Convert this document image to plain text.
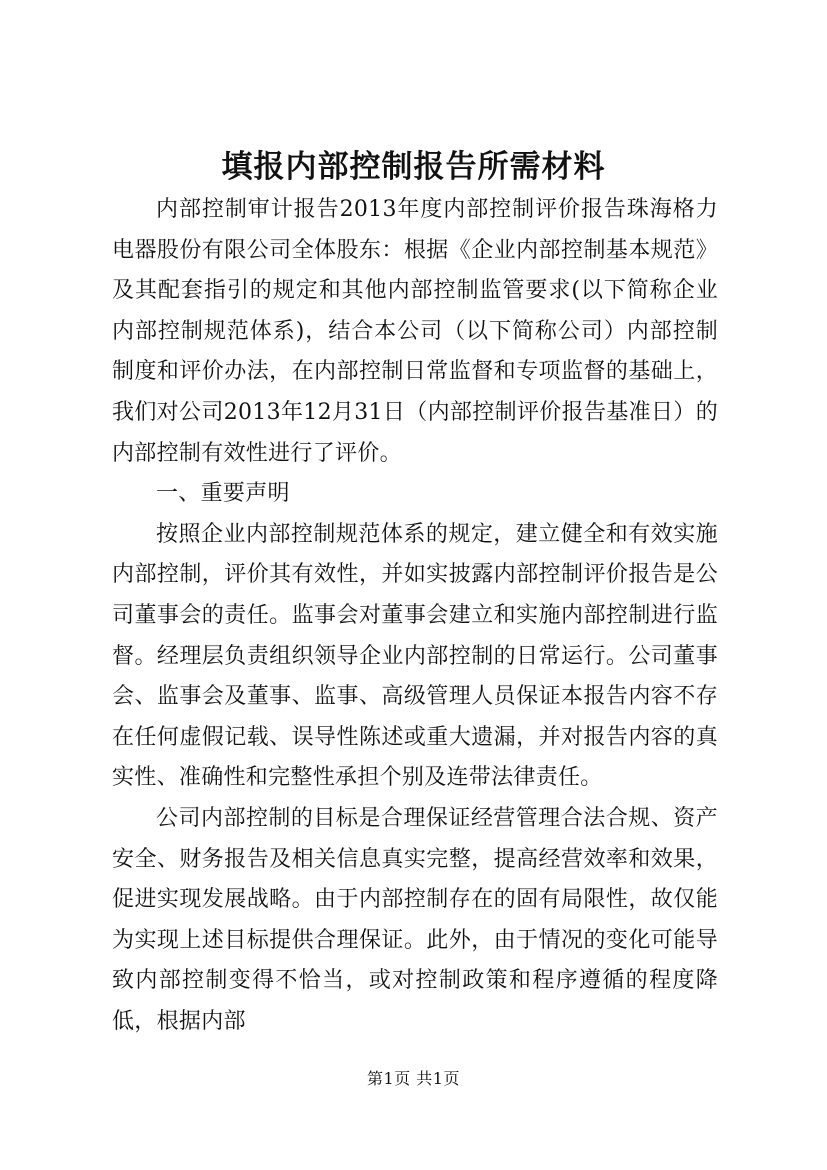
填报内部控制报告所需材料

内部控制审计报告2013年度内部控制评价报告珠海格力电器股份有限公司全体股东：根据《企业内部控制基本规范》及其配套指引的规定和其他内部控制监管要求(以下简称企业内部控制规范体系)，结合本公司（以下简称公司）内部控制制度和评价办法，在内部控制日常监督和专项监督的基础上，我们对公司2013年12月31日（内部控制评价报告基准日）的内部控制有效性进行了评价。

一、重要声明

按照企业内部控制规范体系的规定，建立健全和有效实施内部控制，评价其有效性，并如实披露内部控制评价报告是公司董事会的责任。监事会对董事会建立和实施内部控制进行监督。经理层负责组织领导企业内部控制的日常运行。公司董事会、监事会及董事、监事、高级管理人员保证本报告内容不存在任何虚假记载、误导性陈述或重大遗漏，并对报告内容的真实性、准确性和完整性承担个别及连带法律责任。

公司内部控制的目标是合理保证经营管理合法合规、资产安全、财务报告及相关信息真实完整，提高经营效率和效果，促进实现发展战略。由于内部控制存在的固有局限性，故仅能为实现上述目标提供合理保证。此外，由于情况的变化可能导致内部控制变得不恰当，或对控制政策和程序遵循的程度降低，根据内部

第1页 共1页
